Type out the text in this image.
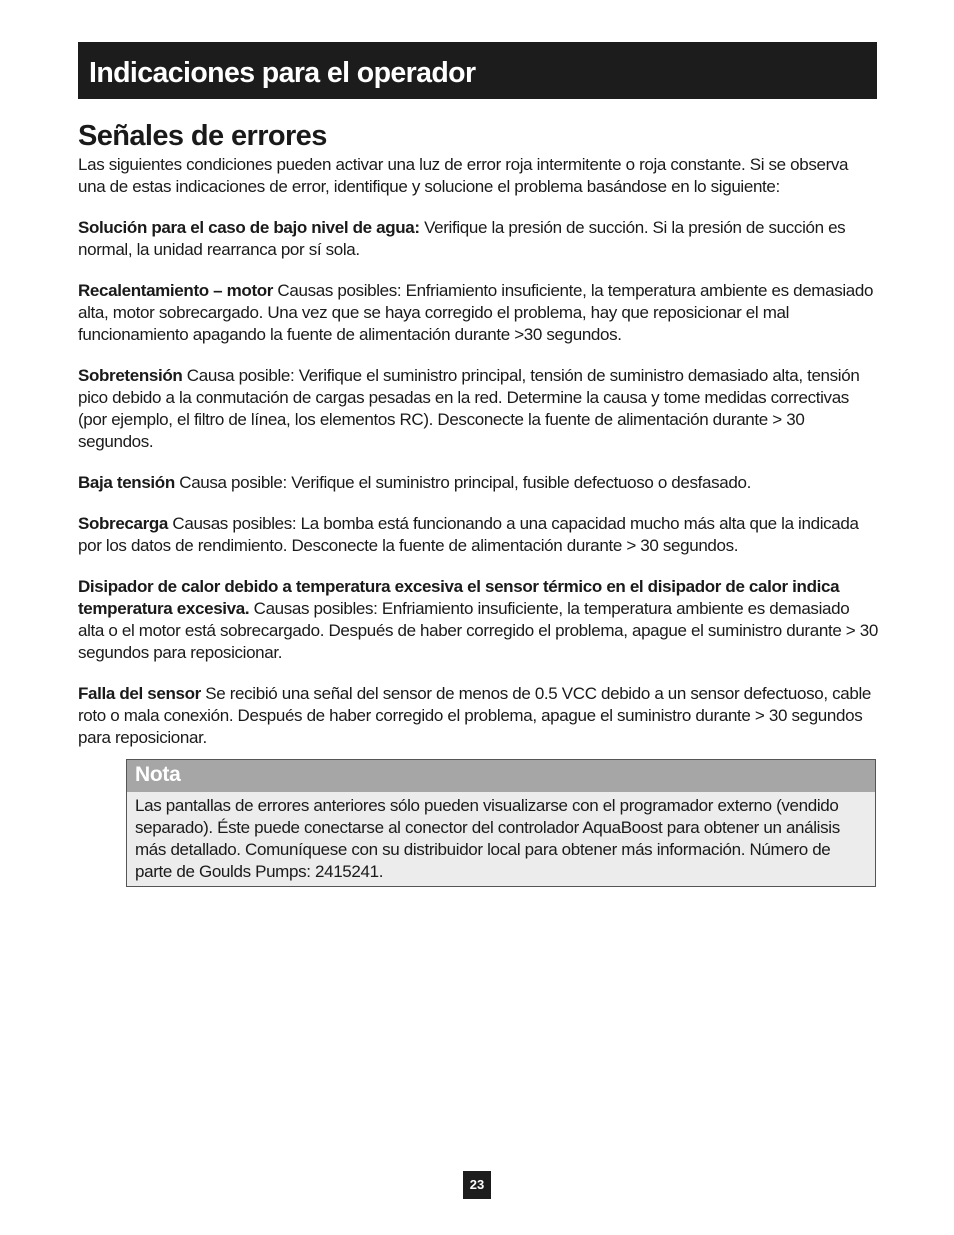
Indicaciones para el operador
Señales de errores

Las siguientes condiciones pueden activar una luz de error roja intermitente o roja constante. Si se observa una de estas indicaciones de error, identifique y solucione el problema basándose en lo siguiente:

Solución para el caso de bajo nivel de agua: Verifique la presión de succión. Si la presión de succión es normal, la unidad rearranca por sí sola.

Recalentamiento – motor Causas posibles: Enfriamiento insuficiente, la temperatura ambiente es demasiado alta, motor sobrecargado. Una vez que se haya corregido el problema, hay que reposicionar el mal funcionamiento apagando la fuente de alimentación durante >30 segundos.

Sobretensión Causa posible: Verifique el suministro principal, tensión de suministro demasiado alta, tensión pico debido a la conmutación de cargas pesadas en la red. Determine la causa y tome medidas correctivas (por ejemplo, el filtro de línea, los elementos RC). Desconecte la fuente de alimentación durante > 30 segundos.

Baja tensión Causa posible: Verifique el suministro principal, fusible defectuoso o desfasado.

Sobrecarga Causas posibles: La bomba está funcionando a una capacidad mucho más alta que la indicada por los datos de rendimiento. Desconecte la fuente de alimentación durante > 30 segundos.

Disipador de calor debido a temperatura excesiva el sensor térmico en el disipador de calor indica temperatura excesiva. Causas posibles: Enfriamiento insuficiente, la temperatura ambiente es demasiado alta o el motor está sobrecargado. Después de haber corregido el problema, apague el suministro durante > 30 segundos para reposicionar.

Falla del sensor Se recibió una señal del sensor de menos de 0.5 VCC debido a un sensor defectuoso, cable roto o mala conexión. Después de haber corregido el problema, apague el suministro durante > 30 segundos para reposicionar.

Nota
Las pantallas de errores anteriores sólo pueden visualizarse con el programador externo (vendido separado). Éste puede conectarse al conector del controlador AquaBoost para obtener un análisis más detallado. Comuníquese con su distribuidor local para obtener más información. Número de parte de Goulds Pumps: 2415241.
23
